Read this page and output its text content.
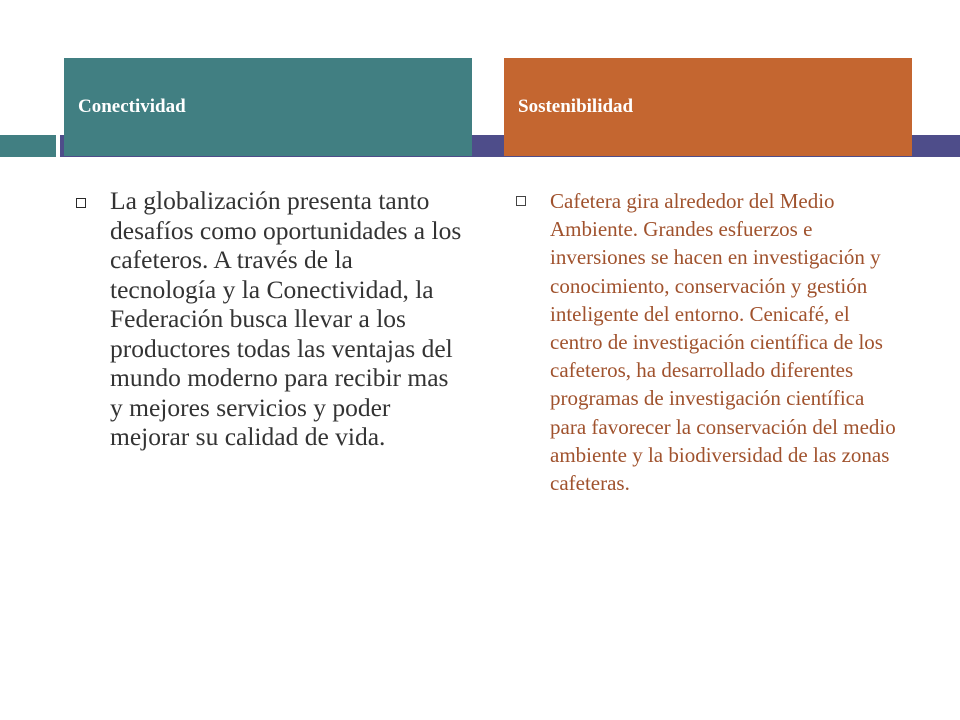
Conectividad	Sostenibilidad
La globalización presenta tanto desafíos como oportunidades a los cafeteros. A través de la tecnología y la Conectividad, la Federación busca llevar a los productores todas las ventajas del mundo moderno para recibir mas y mejores servicios y poder mejorar su calidad de vida.
Cafetera gira alrededor del Medio Ambiente. Grandes esfuerzos e inversiones se hacen en investigación y conocimiento, conservación y gestión inteligente del entorno. Cenicafé, el centro de investigación científica de los cafeteros, ha desarrollado diferentes programas de investigación científica para favorecer la conservación del medio ambiente y la biodiversidad de las zonas cafeteras.
